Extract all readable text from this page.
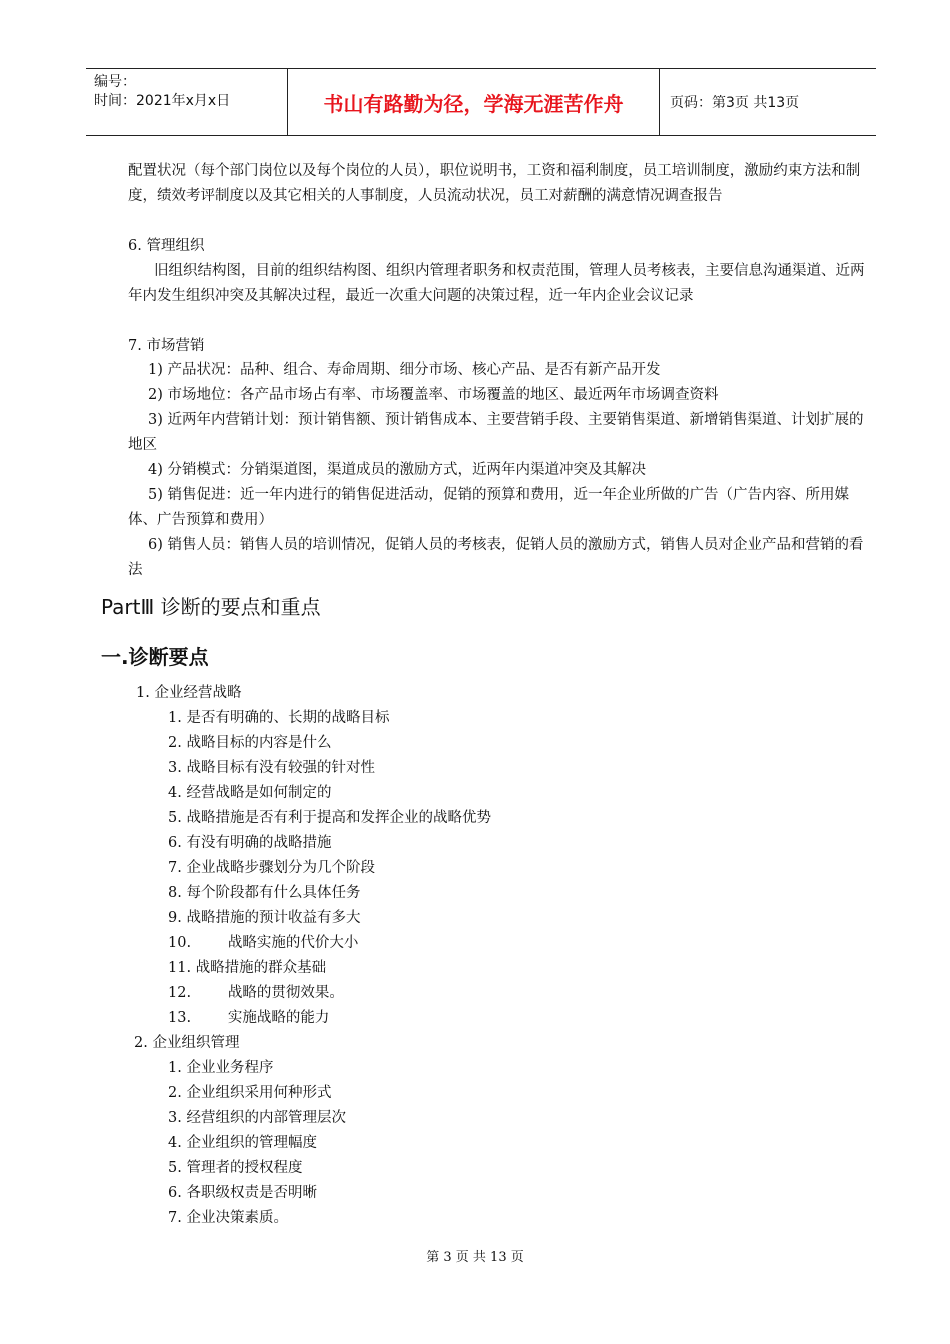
编号：
时间：2021年x月x日	书山有路勤为径，学海无涯苦作舟	页码：第3页 共13页
配置状况（每个部门岗位以及每个岗位的人员），职位说明书，工资和福利制度，员工培训制度，激励约束方法和制度，绩效考评制度以及其它相关的人事制度，人员流动状况，员工对薪酬的满意情况调查报告
6. 管理组织
旧组织结构图，目前的组织结构图、组织内管理者职务和权责范围，管理人员考核表，主要信息沟通渠道、近两年内发生组织冲突及其解决过程，最近一次重大问题的决策过程，近一年内企业会议记录
7. 市场营销
1) 产品状况：品种、组合、寿命周期、细分市场、核心产品、是否有新产品开发
2) 市场地位：各产品市场占有率、市场覆盖率、市场覆盖的地区、最近两年市场调查资料
3) 近两年内营销计划：预计销售额、预计销售成本、主要营销手段、主要销售渠道、新增销售渠道、计划扩展的地区
4) 分销模式：分销渠道图，渠道成员的激励方式，近两年内渠道冲突及其解决
5) 销售促进：近一年内进行的销售促进活动，促销的预算和费用，近一年企业所做的广告（广告内容、所用媒体、广告预算和费用）
6) 销售人员：销售人员的培训情况，促销人员的考核表，促销人员的激励方式，销售人员对企业产品和营销的看法
PartⅢ 诊断的要点和重点
一.诊断要点
1. 企业经营战略
1. 是否有明确的、长期的战略目标
2. 战略目标的内容是什么
3. 战略目标有没有较强的针对性
4. 经营战略是如何制定的
5. 战略措施是否有利于提高和发挥企业的战略优势
6. 有没有明确的战略措施
7. 企业战略步骤划分为几个阶段
8. 每个阶段都有什么具体任务
9. 战略措施的预计收益有多大
10.        战略实施的代价大小
11. 战略措施的群众基础
12.        战略的贯彻效果。
13.        实施战略的能力
2. 企业组织管理
1. 企业业务程序
2. 企业组织采用何种形式
3. 经营组织的内部管理层次
4. 企业组织的管理幅度
5. 管理者的授权程度
6. 各职级权责是否明晰
7. 企业决策素质。
第 3 页 共 13 页
